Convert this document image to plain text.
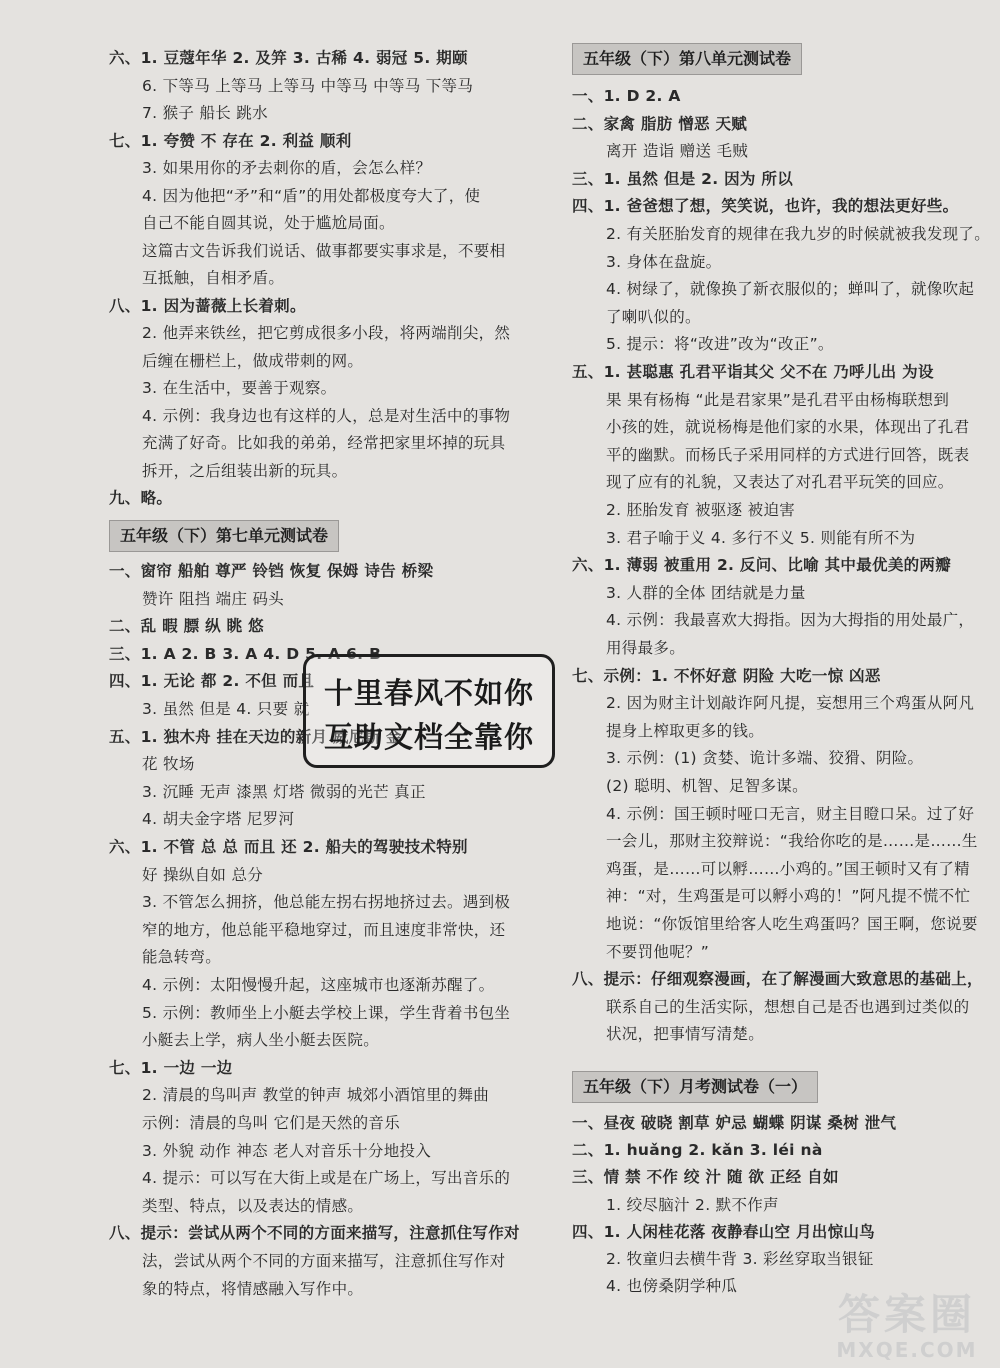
六、1. 豆蔻年华 2. 及笄 3. 古稀 4. 弱冠 5. 期颐
6. 下等马 上等马 上等马 中等马 中等马 下等马
7. 猴子 船长 跳水
七、1. 夸赞 不 存在 2. 利益 顺利
3. 如果用你的矛去刺你的盾，会怎么样？
4. 因为他把“矛”和“盾”的用处都极度夸大了，使
自己不能自圆其说，处于尴尬局面。
这篇古文告诉我们说话、做事都要实事求是，不要相
互抵触，自相矛盾。
八、1. 因为蔷薇上长着刺。
2. 他弄来铁丝，把它剪成很多小段，将两端削尖，然
后缠在栅栏上，做成带刺的网。
3. 在生活中，要善于观察。
4. 示例：我身边也有这样的人，总是对生活中的事物
充满了好奇。比如我的弟弟，经常把家里坏掉的玩具
拆开，之后组装出新的玩具。
九、略。
五年级（下）第七单元测试卷
一、窗帘 船舶 尊严 铃铛 恢复 保姆 诗告 桥梁
赞许 阻挡 端庄 码头
二、乱 暇 膘 纵 眺 悠
三、1. A 2. B 3. A 4. D 5. A 6. B
四、1. 无论 都 2. 不但 而且
3. 虽然 但是 4. 只要 就
五、1. 独木舟 挂在天边的新月 威尼斯 金
花 牧场
3. 沉睡 无声 漆黑 灯塔 微弱的光芒 真正
4. 胡夫金字塔 尼罗河
六、1. 不管 总 总 而且 还 2. 船夫的驾驶技术特别
好 操纵自如 总分
3. 不管怎么拥挤，他总能左拐右拐地挤过去。遇到极
窄的地方，他总能平稳地穿过，而且速度非常快，还
能急转弯。
4. 示例：太阳慢慢升起，这座城市也逐渐苏醒了。
5. 示例：教师坐上小艇去学校上课，学生背着书包坐
小艇去上学，病人坐小艇去医院。
七、1. 一边 一边
2. 清晨的鸟叫声 教堂的钟声 城郊小酒馆里的舞曲
示例：清晨的鸟叫 它们是天然的音乐
3. 外貌 动作 神态 老人对音乐十分地投入
4. 提示：可以写在大街上或是在广场上，写出音乐的
类型、特点，以及表达的情感。
八、提示：尝试从两个不同的方面来描写，注意抓住写作对
法，尝试从两个不同的方面来描写，注意抓住写作对
象的特点，将情感融入写作中。
五年级（下）第八单元测试卷
一、1. D 2. A
二、家禽 脂肪 憎恶 天赋
离开 造诣 赠送 毛贼
三、1. 虽然 但是 2. 因为 所以
四、1. 爸爸想了想，笑笑说，也许，我的想法更好些。
2. 有关胚胎发育的规律在我九岁的时候就被我发现了。
3. 身体在盘旋。
4. 树绿了，就像换了新衣服似的；蝉叫了，就像吹起
了喇叭似的。
5. 提示：将“改进”改为“改正”。
五、1. 甚聪惠 孔君平诣其父 父不在 乃呼儿出 为设
果 果有杨梅 “此是君家果”是孔君平由杨梅联想到
小孩的姓，就说杨梅是他们家的水果，体现出了孔君
平的幽默。而杨氏子采用同样的方式进行回答，既表
现了应有的礼貌，又表达了对孔君平玩笑的回应。
2. 胚胎发育 被驱逐 被迫害
3. 君子喻于义 4. 多行不义 5. 则能有所不为
六、1. 薄弱 被重用 2. 反问、比喻 其中最优美的两瓣
3. 人群的全体 团结就是力量
4. 示例：我最喜欢大拇指。因为大拇指的用处最广，
用得最多。
七、示例：1. 不怀好意 阴险 大吃一惊 凶恶
2. 因为财主计划敲诈阿凡提，妄想用三个鸡蛋从阿凡
提身上榨取更多的钱。
3. 示例：(1) 贪婪、诡计多端、狡猾、阴险。
(2) 聪明、机智、足智多谋。
4. 示例：国王顿时哑口无言，财主目瞪口呆。过了好
一会儿，那财主狡辩说：“我给你吃的是……是……生
鸡蛋，是……可以孵……小鸡的。”国王顿时又有了精
神：“对，生鸡蛋是可以孵小鸡的！”阿凡提不慌不忙
地说：“你饭馆里给客人吃生鸡蛋吗？国王啊，您说要
不要罚他呢？”
八、提示：仔细观察漫画，在了解漫画大致意思的基础上，
联系自己的生活实际，想想自己是否也遇到过类似的
状况，把事情写清楚。
五年级（下）月考测试卷（一）
一、昼夜 破晓 割草 妒忌 蝴蝶 阴谋 桑树 泄气
二、1. huǎng 2. kǎn 3. léi nà
三、情 禁 不作 绞 汁 随 欲 正经 自如
1. 绞尽脑汁 2. 默不作声
四、1. 人闲桂花落 夜静春山空 月出惊山鸟
2. 牧童归去横牛背 3. 彩丝穿取当银钲
4. 也傍桑阴学种瓜
十里春风不如你
互助文档全靠你
答案圈
MXQE.COM
